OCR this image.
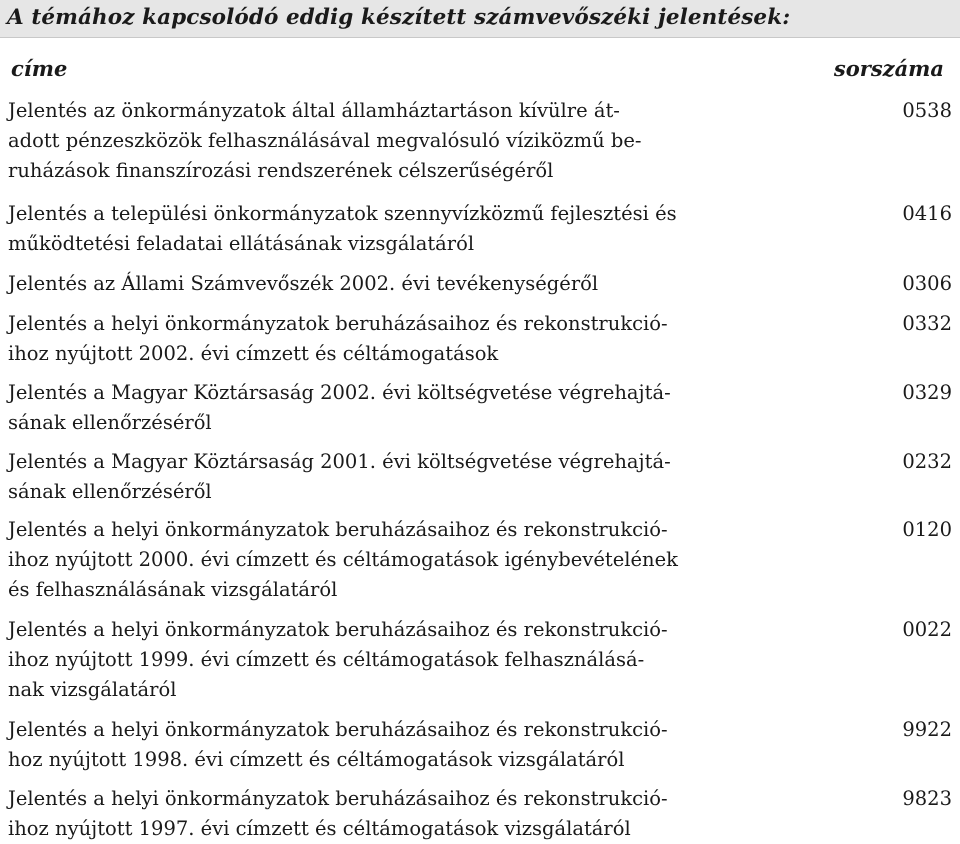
A témához kapcsolódó eddig készített számvevőszéki jelentések:
címe	sorszáma
Jelentés az önkormányzatok által államháztartáson kívülre át-
adott pénzeszközök felhasználásával megvalósuló víziközmű be-
ruházások finanszírozási rendszerének célszerűségéről
0538
Jelentés a települési önkormányzatok szennyvízközmű fejlesztési és
működtetési feladatai ellátásának vizsgálatáról
0416
Jelentés az Állami Számvevőszék 2002. évi tevékenységéről	0306
Jelentés a helyi önkormányzatok beruházásaihoz és rekonstrukció-
ihoz nyújtott 2002. évi címzett és céltámogatások
0332
Jelentés a Magyar Köztársaság 2002. évi költségvetése végrehajtá-
sának ellenőrzéséről
0329
Jelentés a Magyar Köztársaság 2001. évi költségvetése végrehajtá-
sának ellenőrzéséről
0232
Jelentés a helyi önkormányzatok beruházásaihoz és rekonstrukció-
ihoz nyújtott 2000. évi címzett és céltámogatások igénybevételének
és felhasználásának vizsgálatáról
0120
Jelentés a helyi önkormányzatok beruházásaihoz és rekonstrukció-
ihoz nyújtott 1999. évi címzett és céltámogatások felhasználásá-
nak vizsgálatáról
0022
Jelentés a helyi önkormányzatok beruházásaihoz és rekonstrukció-
hoz nyújtott 1998. évi címzett és céltámogatások vizsgálatáról
9922
Jelentés a helyi önkormányzatok beruházásaihoz és rekonstrukció-
ihoz nyújtott 1997. évi címzett és céltámogatások vizsgálatáról
9823
